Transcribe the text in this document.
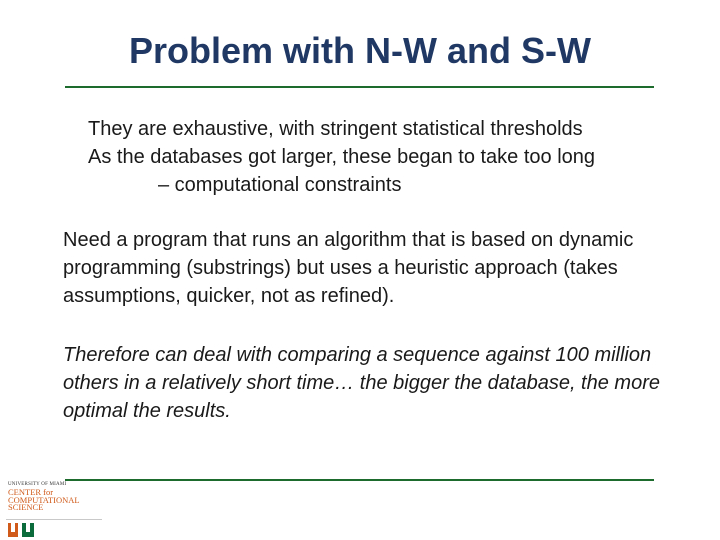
Problem with N-W and S-W
They are exhaustive, with stringent statistical thresholds
As the databases got larger, these began to take too long
– computational constraints
Need a program that runs an algorithm that is based on dynamic programming (substrings) but uses a heuristic approach (takes assumptions, quicker, not as refined).
Therefore can deal with comparing a sequence against 100 million others in a relatively short time… the bigger the database, the more optimal the results.
UNIVERSITY OF MIAMI
CENTER for
COMPUTATIONAL
SCIENCE
